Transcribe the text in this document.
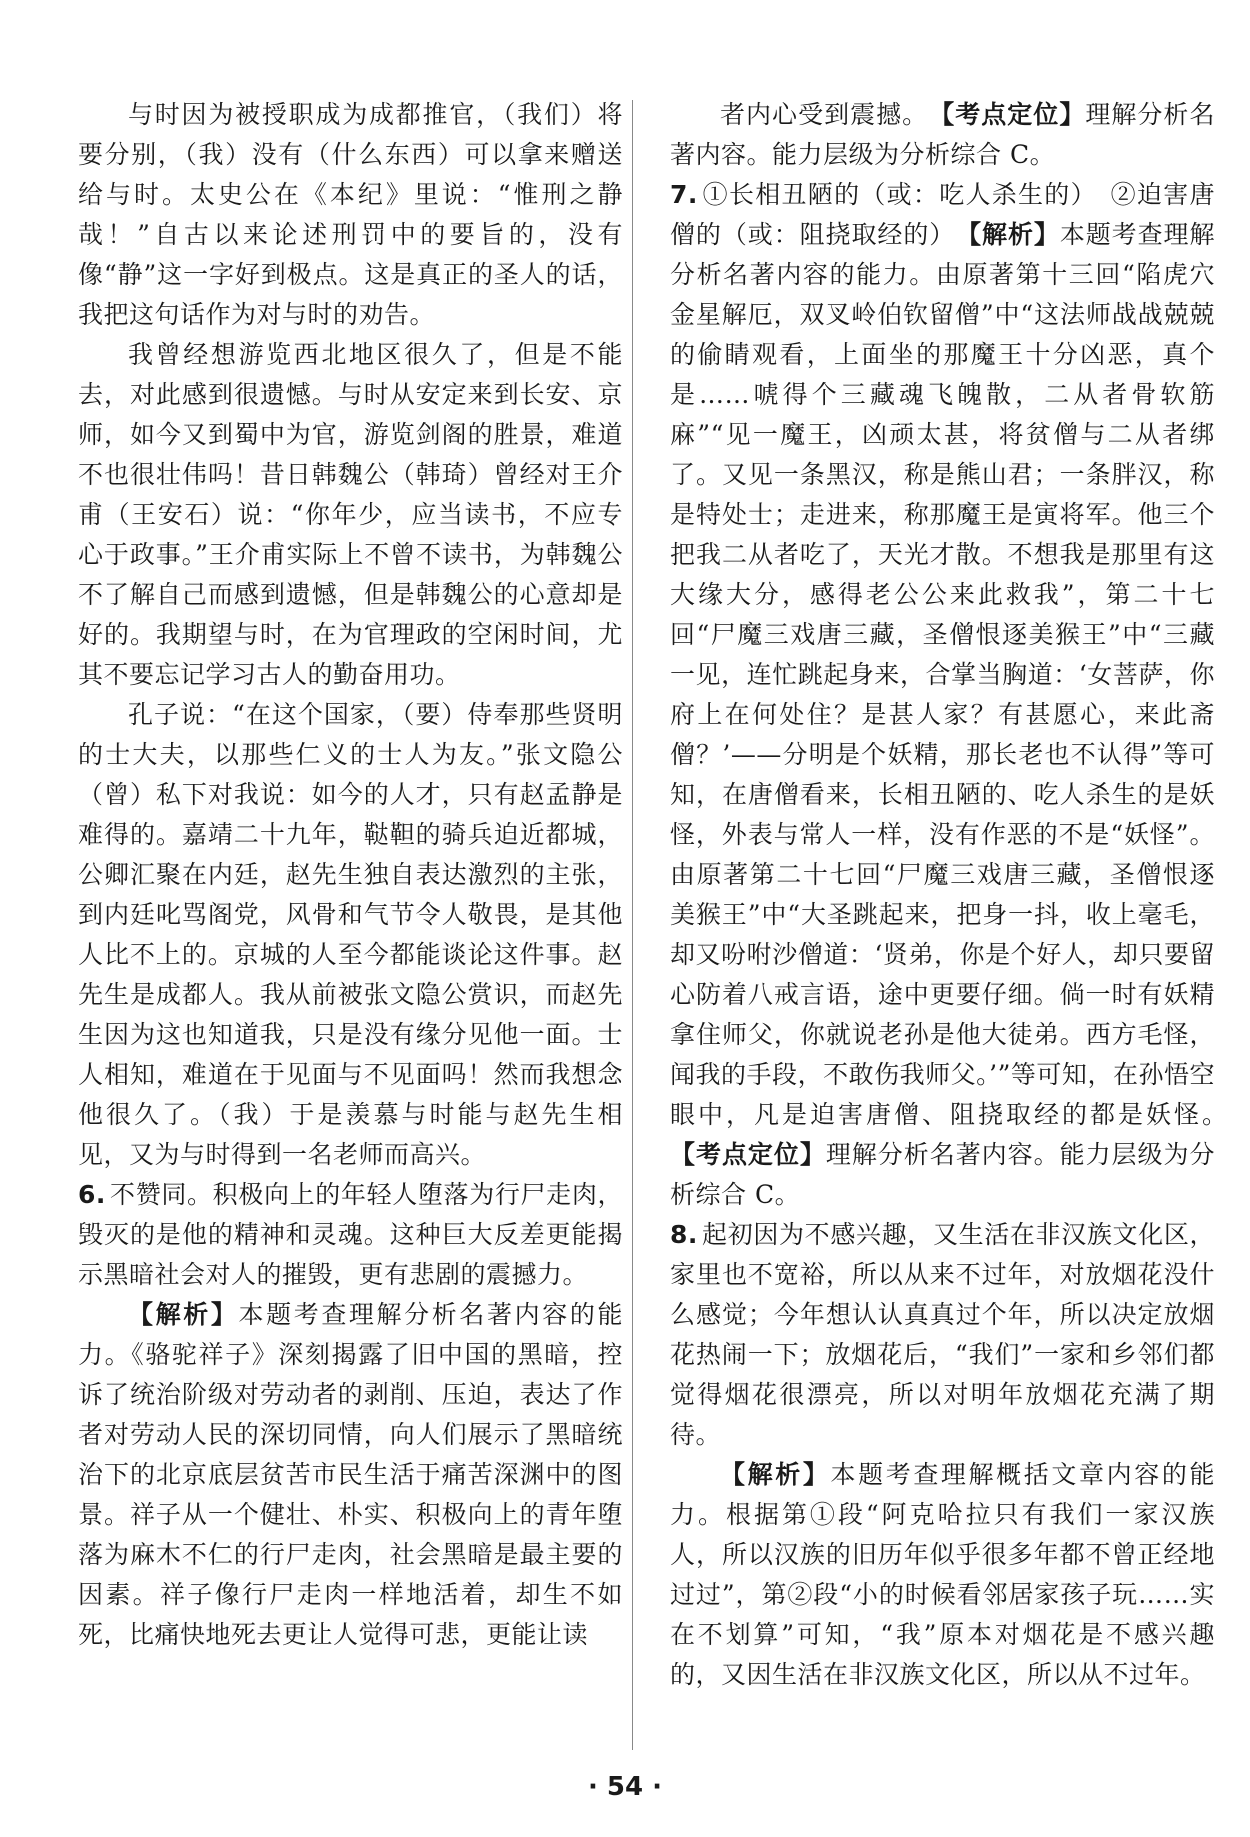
与时因为被授职成为成都推官，（我们）将要分别，（我）没有（什么东西）可以拿来赠送给与时。太史公在《本纪》里说：“惟刑之静哉！”自古以来论述刑罚中的要旨的，没有像“静”这一字好到极点。这是真正的圣人的话，我把这句话作为对与时的劝告。

我曾经想游览西北地区很久了，但是不能去，对此感到很遗憾。与时从安定来到长安、京师，如今又到蜀中为官，游览剑阁的胜景，难道不也很壮伟吗！昔日韩魏公（韩琦）曾经对王介甫（王安石）说：“你年少，应当读书，不应专心于政事。”王介甫实际上不曾不读书，为韩魏公不了解自己而感到遗憾，但是韩魏公的心意却是好的。我期望与时，在为官理政的空闲时间，尤其不要忘记学习古人的勤奋用功。

孔子说：“在这个国家，（要）侍奉那些贤明的士大夫，以那些仁义的士人为友。”张文隐公（曾）私下对我说：如今的人才，只有赵孟静是难得的。嘉靖二十九年，鞑靼的骑兵迫近都城，公卿汇聚在内廷，赵先生独自表达激烈的主张，到内廷叱骂阁党，风骨和气节令人敬畏，是其他人比不上的。京城的人至今都能谈论这件事。赵先生是成都人。我从前被张文隐公赏识，而赵先生因为这也知道我，只是没有缘分见他一面。士人相知，难道在于见面与不见面吗！然而我想念他很久了。（我）于是羡慕与时能与赵先生相见，又为与时得到一名老师而高兴。

6. 不赞同。积极向上的年轻人堕落为行尸走肉，毁灭的是他的精神和灵魂。这种巨大反差更能揭示黑暗社会对人的摧毁，更有悲剧的震撼力。

【解析】本题考查理解分析名著内容的能力。《骆驼祥子》深刻揭露了旧中国的黑暗，控诉了统治阶级对劳动者的剥削、压迫，表达了作者对劳动人民的深切同情，向人们展示了黑暗统治下的北京底层贫苦市民生活于痛苦深渊中的图景。祥子从一个健壮、朴实、积极向上的青年堕落为麻木不仁的行尸走肉，社会黑暗是最主要的因素。祥子像行尸走肉一样地活着，却生不如死，比痛快地死去更让人觉得可悲，更能让读

者内心受到震撼。　 【考点定位】理解分析名著内容。能力层级为分析综合 C。

7. ①长相丑陋的（或：吃人杀生的）　②迫害唐僧的（或：阻挠取经的）　 【解析】本题考查理解分析名著内容的能力。由原著第十三回“陷虎穴金星解厄，双叉岭伯钦留僧”中“这法师战战兢兢的偷睛观看，上面坐的那魔王十分凶恶，真个是……唬得个三藏魂飞魄散，二从者骨软筋麻”“见一魔王，凶顽太甚，将贫僧与二从者绑了。又见一条黑汉，称是熊山君；一条胖汉，称是特处士；走进来，称那魔王是寅将军。他三个把我二从者吃了，天光才散。不想我是那里有这大缘大分，感得老公公来此救我”，第二十七回“尸魔三戏唐三藏，圣僧恨逐美猴王”中“三藏一见，连忙跳起身来，合掌当胸道：‘女菩萨，你府上在何处住？是甚人家？有甚愿心，来此斋僧？’——分明是个妖精，那长老也不认得”等可知，在唐僧看来，长相丑陋的、吃人杀生的是妖怪，外表与常人一样，没有作恶的不是“妖怪”。由原著第二十七回“尸魔三戏唐三藏，圣僧恨逐美猴王”中“大圣跳起来，把身一抖，收上毫毛，却又吩咐沙僧道：‘贤弟，你是个好人，却只要留心防着八戒言语，途中更要仔细。倘一时有妖精拿住师父，你就说老孙是他大徒弟。西方毛怪，闻我的手段，不敢伤我师父。’”等可知，在孙悟空眼中，凡是迫害唐僧、阻挠取经的都是妖怪。　【考点定位】理解分析名著内容。能力层级为分析综合 C。

8. 起初因为不感兴趣，又生活在非汉族文化区，家里也不宽裕，所以从来不过年，对放烟花没什么感觉；今年想认认真真过个年，所以决定放烟花热闹一下；放烟花后，“我们”一家和乡邻们都觉得烟花很漂亮，所以对明年放烟花充满了期待。

【解析】本题考查理解概括文章内容的能力。根据第①段“阿克哈拉只有我们一家汉族人，所以汉族的旧历年似乎很多年都不曾正经地过过”，第②段“小的时候看邻居家孩子玩……实在不划算”可知，“我”原本对烟花是不感兴趣的，又因生活在非汉族文化区，所以从不过年。

· 54 ·
